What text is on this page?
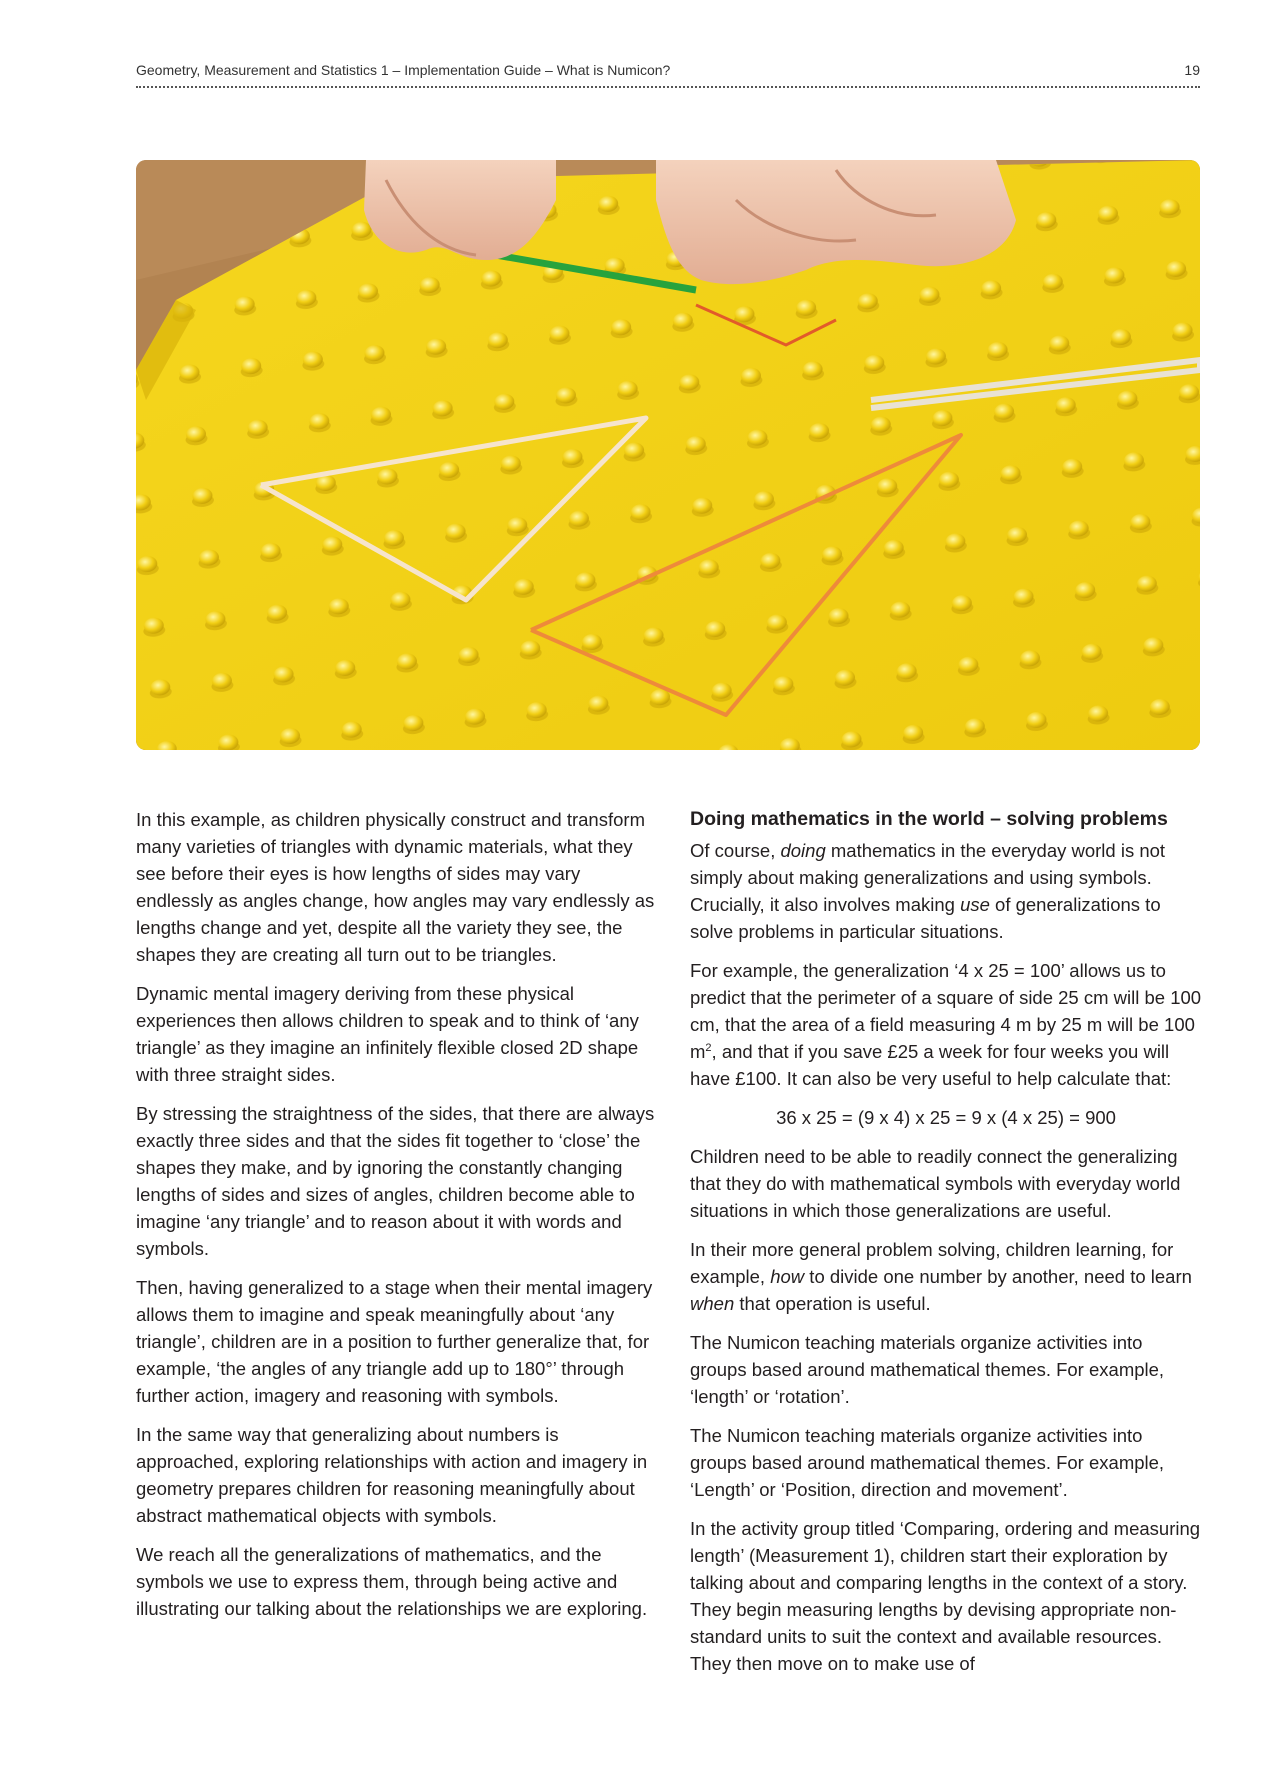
Geometry, Measurement and Statistics 1 – Implementation Guide – What is Numicon?	19

In this example, as children physically construct and transform many varieties of triangles with dynamic materials, what they see before their eyes is how lengths of sides may vary endlessly as angles change, how angles may vary endlessly as lengths change and yet, despite all the variety they see, the shapes they are creating all turn out to be triangles.

Dynamic mental imagery deriving from these physical experiences then allows children to speak and to think of ‘any triangle’ as they imagine an infinitely flexible closed 2D shape with three straight sides.

By stressing the straightness of the sides, that there are always exactly three sides and that the sides fit together to ‘close’ the shapes they make, and by ignoring the constantly changing lengths of sides and sizes of angles, children become able to imagine ‘any triangle’ and to reason about it with words and symbols.

Then, having generalized to a stage when their mental imagery allows them to imagine and speak meaningfully about ‘any triangle’, children are in a position to further generalize that, for example, ‘the angles of any triangle add up to 180°’ through further action, imagery and reasoning with symbols.

In the same way that generalizing about numbers is approached, exploring relationships with action and imagery in geometry prepares children for reasoning meaningfully about abstract mathematical objects with symbols.

We reach all the generalizations of mathematics, and the symbols we use to express them, through being active and illustrating our talking about the relationships we are exploring.

Doing mathematics in the world – solving problems

Of course, doing mathematics in the everyday world is not simply about making generalizations and using symbols. Crucially, it also involves making use of generalizations to solve problems in particular situations.

For example, the generalization ‘4 x 25 = 100’ allows us to predict that the perimeter of a square of side 25 cm will be 100 cm, that the area of a field measuring 4 m by 25 m will be 100 $m^2$, and that if you save £25 a week for four weeks you will have £100. It can also be very useful to help calculate that:

36 x 25 = (9 x 4) x 25 = 9 x (4 x 25) = 900

Children need to be able to readily connect the generalizing that they do with mathematical symbols with everyday world situations in which those generalizations are useful.

In their more general problem solving, children learning, for example, how to divide one number by another, need to learn when that operation is useful.

The Numicon teaching materials organize activities into groups based around mathematical themes. For example, ‘length’ or ‘rotation’.

The Numicon teaching materials organize activities into groups based around mathematical themes. For example, ‘Length’ or ‘Position, direction and movement’.

In the activity group titled ‘Comparing, ordering and measuring length’ (Measurement 1), children start their exploration by talking about and comparing lengths in the context of a story. They begin measuring lengths by devising appropriate non-standard units to suit the context and available resources. They then move on to make use of
